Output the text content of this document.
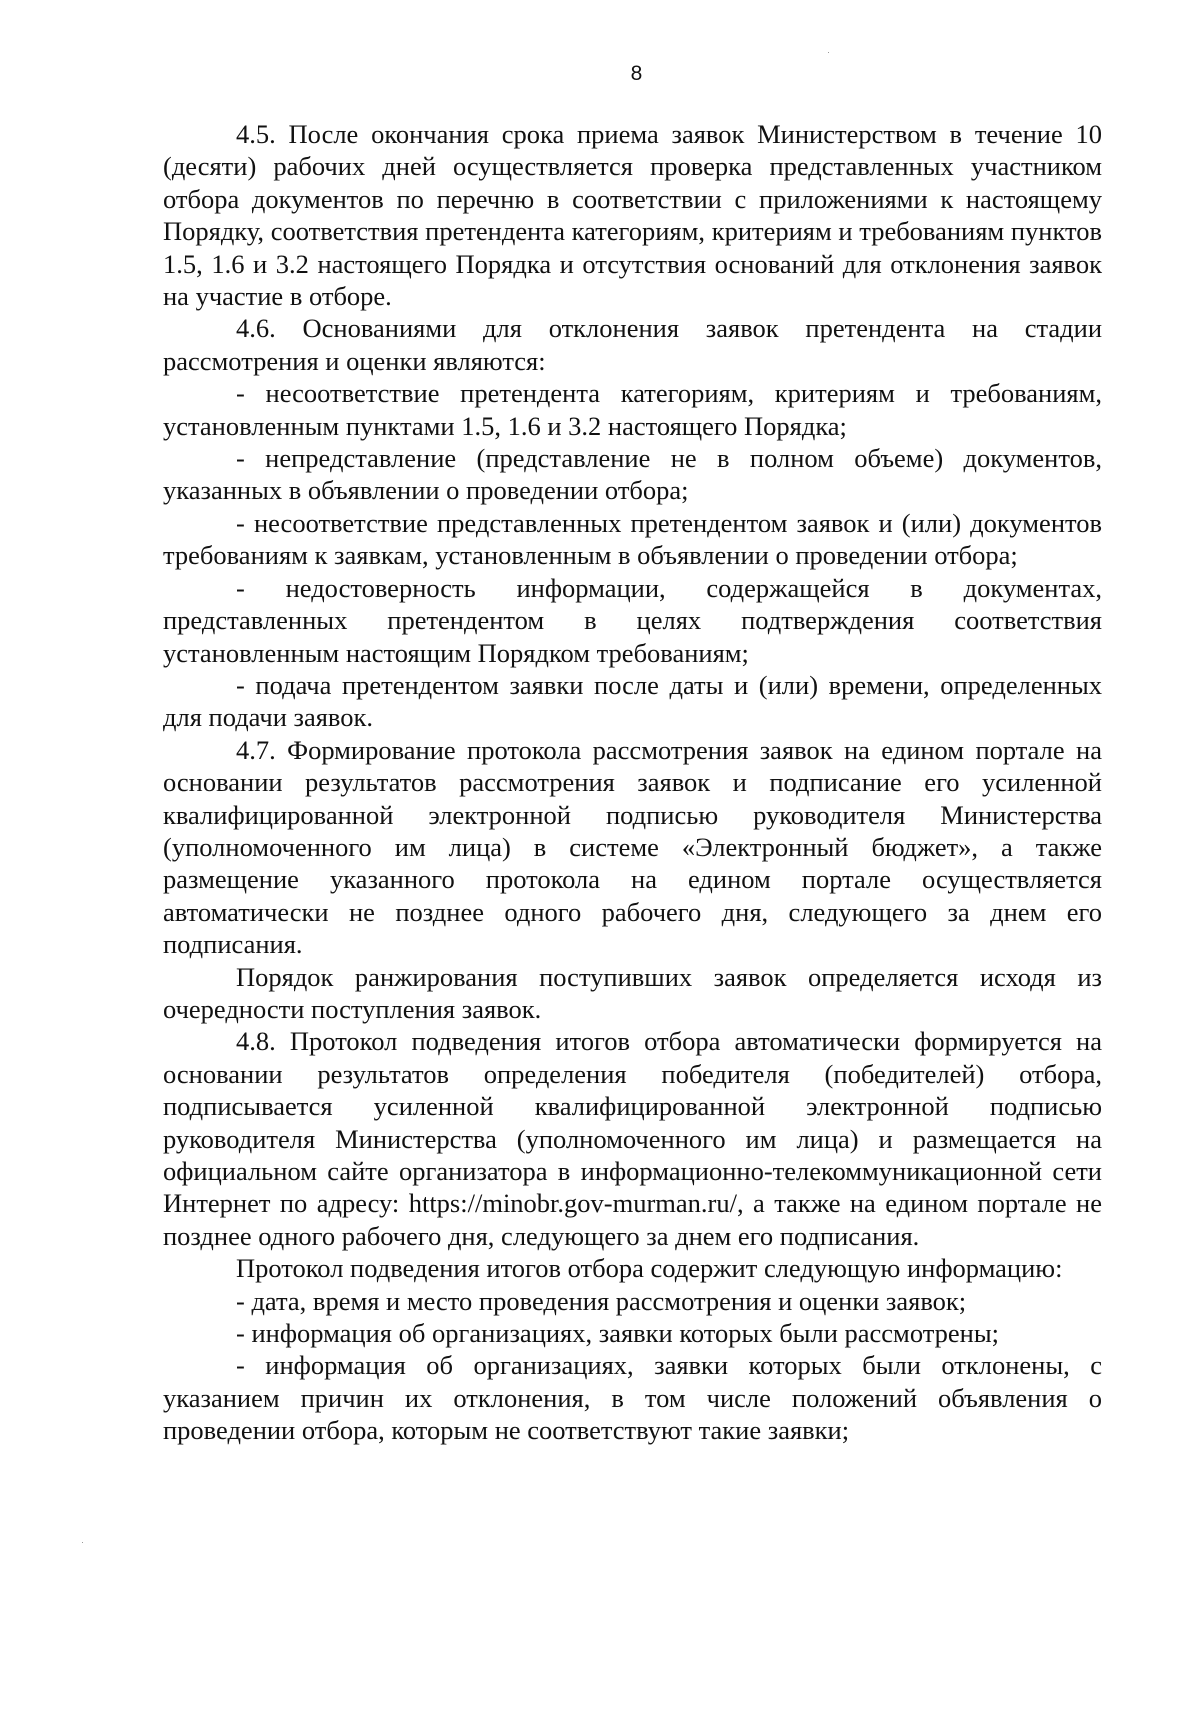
8

4.5. После окончания срока приема заявок Министерством в течение 10 (десяти) рабочих дней осуществляется проверка представленных участником отбора документов по перечню в соответствии с приложениями к настоящему Порядку, соответствия претендента категориям, критериям и требованиям пунктов 1.5, 1.6 и 3.2 настоящего Порядка и отсутствия оснований для отклонения заявок на участие в отборе.

4.6. Основаниями для отклонения заявок претендента на стадии рассмотрения и оценки являются:

- несоответствие претендента категориям, критериям и требованиям, установленным пунктами 1.5, 1.6 и 3.2 настоящего Порядка;

- непредставление (представление не в полном объеме) документов, указанных в объявлении о проведении отбора;

- несоответствие представленных претендентом заявок и (или) документов требованиям к заявкам, установленным в объявлении о проведении отбора;

- недостоверность информации, содержащейся в документах, представленных претендентом в целях подтверждения соответствия установленным настоящим Порядком требованиям;

- подача претендентом заявки после даты и (или) времени, определенных для подачи заявок.

4.7. Формирование протокола рассмотрения заявок на едином портале на основании результатов рассмотрения заявок и подписание его усиленной квалифицированной электронной подписью руководителя Министерства (уполномоченного им лица) в системе «Электронный бюджет», а также размещение указанного протокола на едином портале осуществляется автоматически не позднее одного рабочего дня, следующего за днем его подписания.

Порядок ранжирования поступивших заявок определяется исходя из очередности поступления заявок.

4.8. Протокол подведения итогов отбора автоматически формируется на основании результатов определения победителя (победителей) отбора, подписывается усиленной квалифицированной электронной подписью руководителя Министерства (уполномоченного им лица) и размещается на официальном сайте организатора в информационно-телекоммуникационной сети Интернет по адресу: https://minobr.gov-murman.ru/, а также на едином портале не позднее одного рабочего дня, следующего за днем его подписания.

Протокол подведения итогов отбора содержит следующую информацию:

- дата, время и место проведения рассмотрения и оценки заявок;

- информация об организациях, заявки которых были рассмотрены;

- информация об организациях, заявки которых были отклонены, с указанием причин их отклонения, в том числе положений объявления о проведении отбора, которым не соответствуют такие заявки;
